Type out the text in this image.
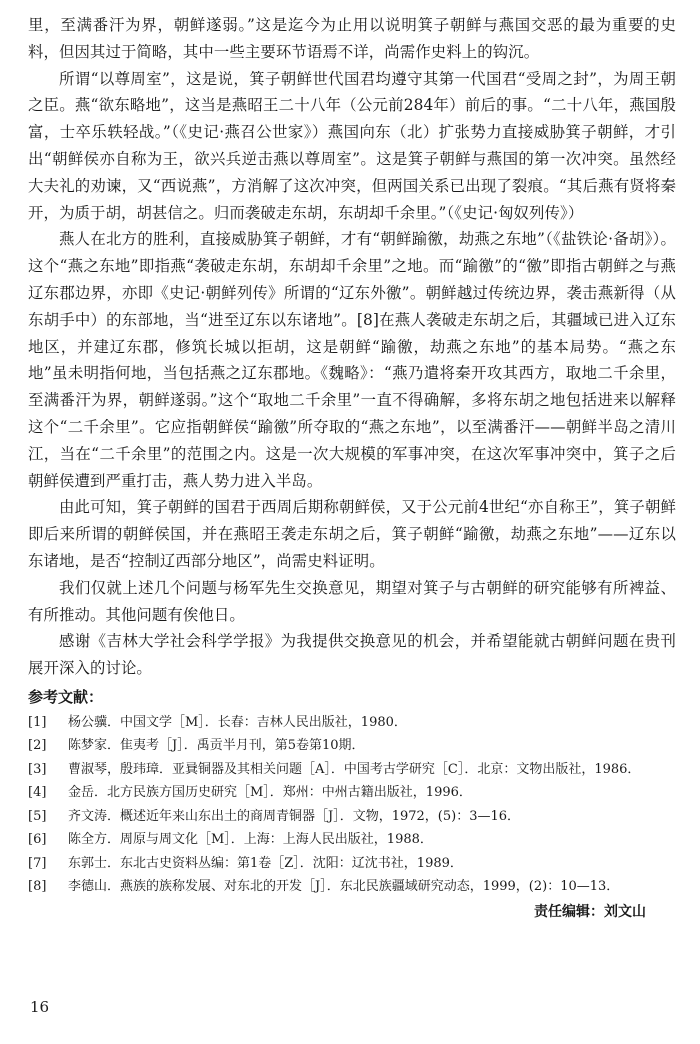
里，至满番汗为界，朝鲜遂弱。”这是迄今为止用以说明箕子朝鲜与燕国交恶的最为重要的史料，但因其过于简略，其中一些主要环节语焉不详，尚需作史料上的钩沉。

所谓“以尊周室”，这是说，箕子朝鲜世代国君均遵守其第一代国君“受周之封”，为周王朝之臣。燕“欲东略地”，这当是燕昭王二十八年（公元前284年）前后的事。“二十八年，燕国殷富，士卒乐轶轻战。”（《史记·燕召公世家》）燕国向东（北）扩张势力直接威胁箕子朝鲜，才引出“朝鲜侯亦自称为王，欲兴兵逆击燕以尊周室”。这是箕子朝鲜与燕国的第一次冲突。虽然经大夫礼的劝谏，又“西说燕”，方消解了这次冲突，但两国关系已出现了裂痕。“其后燕有贤将秦开，为质于胡，胡甚信之。归而袭破走东胡，东胡却千余里。”（《史记·匈奴列传》）

燕人在北方的胜利，直接威胁箕子朝鲜，才有“朝鲜踰徼，劫燕之东地”（《盐铁论·备胡》）。这个“燕之东地”即指燕“袭破走东胡，东胡却千余里”之地。而“踰徼”的“徼”即指古朝鲜之与燕辽东郡边界，亦即《史记·朝鲜列传》所谓的“辽东外徼”。朝鲜越过传统边界，袭击燕新得（从东胡手中）的东部地，当“进至辽东以东诸地”。[8]在燕人袭破走东胡之后，其疆域已进入辽东地区，并建辽东郡，修筑长城以拒胡，这是朝鲜“踰徼，劫燕之东地”的基本局势。“燕之东地”虽未明指何地，当包括燕之辽东郡地。《魏略》：“燕乃遣将秦开攻其西方，取地二千余里，至满番汗为界，朝鲜遂弱。”这个“取地二千余里”一直不得确解，多将东胡之地包括进来以解释这个“二千余里”。它应指朝鲜侯“踰徼”所夺取的“燕之东地”，以至满番汗——朝鲜半岛之清川江，当在“二千余里”的范围之内。这是一次大规模的军事冲突，在这次军事冲突中，箕子之后朝鲜侯遭到严重打击，燕人势力进入半岛。

由此可知，箕子朝鲜的国君于西周后期称朝鲜侯，又于公元前4世纪“亦自称王”，箕子朝鲜即后来所谓的朝鲜侯国，并在燕昭王袭走东胡之后，箕子朝鲜“踰徼，劫燕之东地”——辽东以东诸地，是否“控制辽西部分地区”，尚需史料证明。

我们仅就上述几个问题与杨军先生交换意见，期望对箕子与古朝鲜的研究能够有所裨益、有所推动。其他问题有俟他日。

感谢《吉林大学社会科学学报》为我提供交换意见的机会，并希望能就古朝鲜问题在贵刊展开深入的讨论。

参考文献：
[1]	杨公骥．中国文学［M］．长春：吉林人民出版社，1980．
[2]	陈梦家．隹夷考［J］．禹贡半月刊，第5卷第10期．
[3]	曹淑琴，殷玮璋．亚㠱铜器及其相关问题［A］．中国考古学研究［C］．北京：文物出版社，1986．
[4]	金岳．北方民族方国历史研究［M］．郑州：中州古籍出版社，1996．
[5]	齐文涛．概述近年来山东出土的商周青铜器［J］．文物，1972，(5)：3—16．
[6]	陈全方．周原与周文化［M］．上海：上海人民出版社，1988．
[7]	东郭士．东北古史资料丛编：第1卷［Z］．沈阳：辽沈书社，1989．
[8]	李德山．燕族的族称发展、对东北的开发［J］．东北民族疆域研究动态，1999，(2)：10—13．
责任编辑：刘文山
16
